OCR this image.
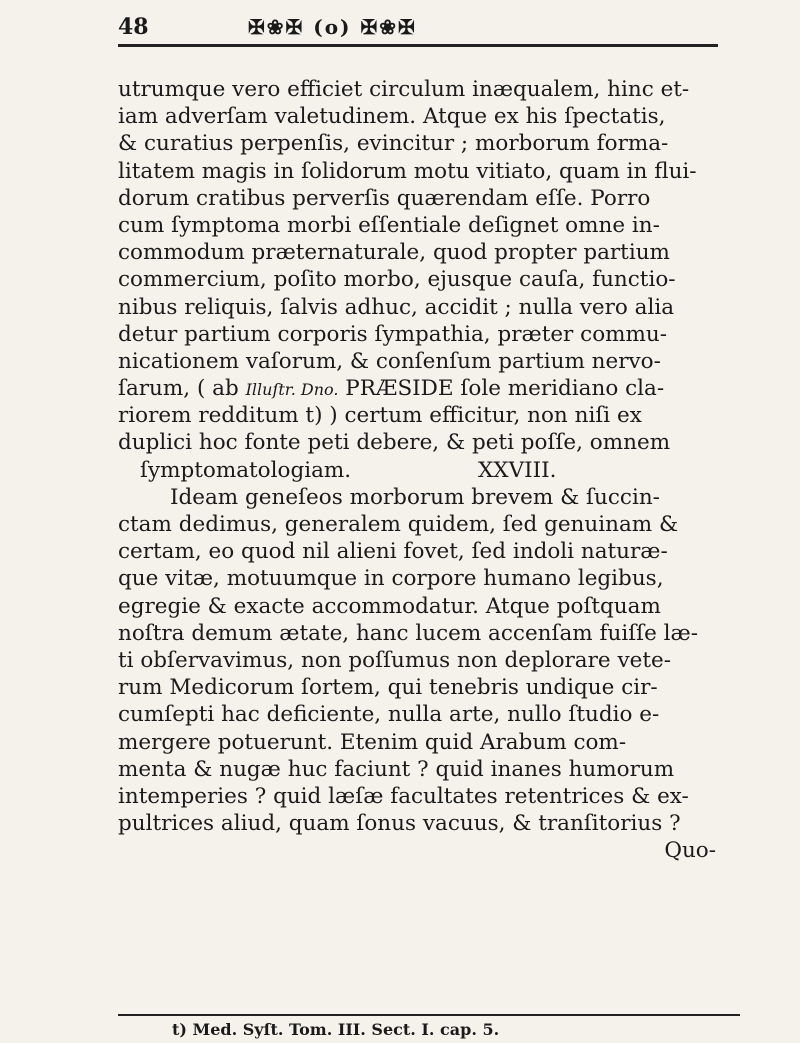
48	✠❀✠ (o) ✠❀✠
utrumque vero efficiet circulum inæqualem, hinc et-
iam adverſam valetudinem. Atque ex his ſpectatis,
& curatius perpenſis, evincitur ; morborum forma-
litatem magis in ſolidorum motu vitiato, quam in flui-
dorum cratibus perverſis quærendam eſſe. Porro
cum ſymptoma morbi eſſentiale deſignet omne in-
commodum præternaturale, quod propter partium
commercium, poſito morbo, ejusque cauſa, functio-
nibus reliquis, ſalvis adhuc, accidit ; nulla vero alia
detur partium corporis ſympathia, præter commu-
nicationem vaſorum, & conſenſum partium nervo-
ſarum, ( ab Illuſtr. Dno. PRÆSIDE ſole meridiano cla-
riorem redditum t) ) certum efficitur, non niſi ex
duplici hoc fonte peti debere, & peti poſſe, omnem
ſymptomatologiam.	XXVIII.
Ideam geneſeos morborum brevem & ſuccin-
ctam dedimus, generalem quidem, ſed genuinam &
certam, eo quod nil alieni fovet, ſed indoli naturæ-
que vitæ, motuumque in corpore humano legibus,
egregie & exacte accommodatur. Atque poſtquam
noſtra demum ætate, hanc lucem accenſam fuiſſe læ-
ti obſervavimus, non poſſumus non deplorare vete-
rum Medicorum ſortem, qui tenebris undique cir-
cumſepti hac deficiente, nulla arte, nullo ſtudio e-
mergere potuerunt. Etenim quid Arabum com-
menta & nugæ huc faciunt ? quid inanes humorum
intemperies ? quid læſæ facultates retentrices & ex-
pultrices aliud, quam ſonus vacuus, & tranſitorius ?
Quo-
t) Med. Syſt. Tom. III. Sect. I. cap. 5.
